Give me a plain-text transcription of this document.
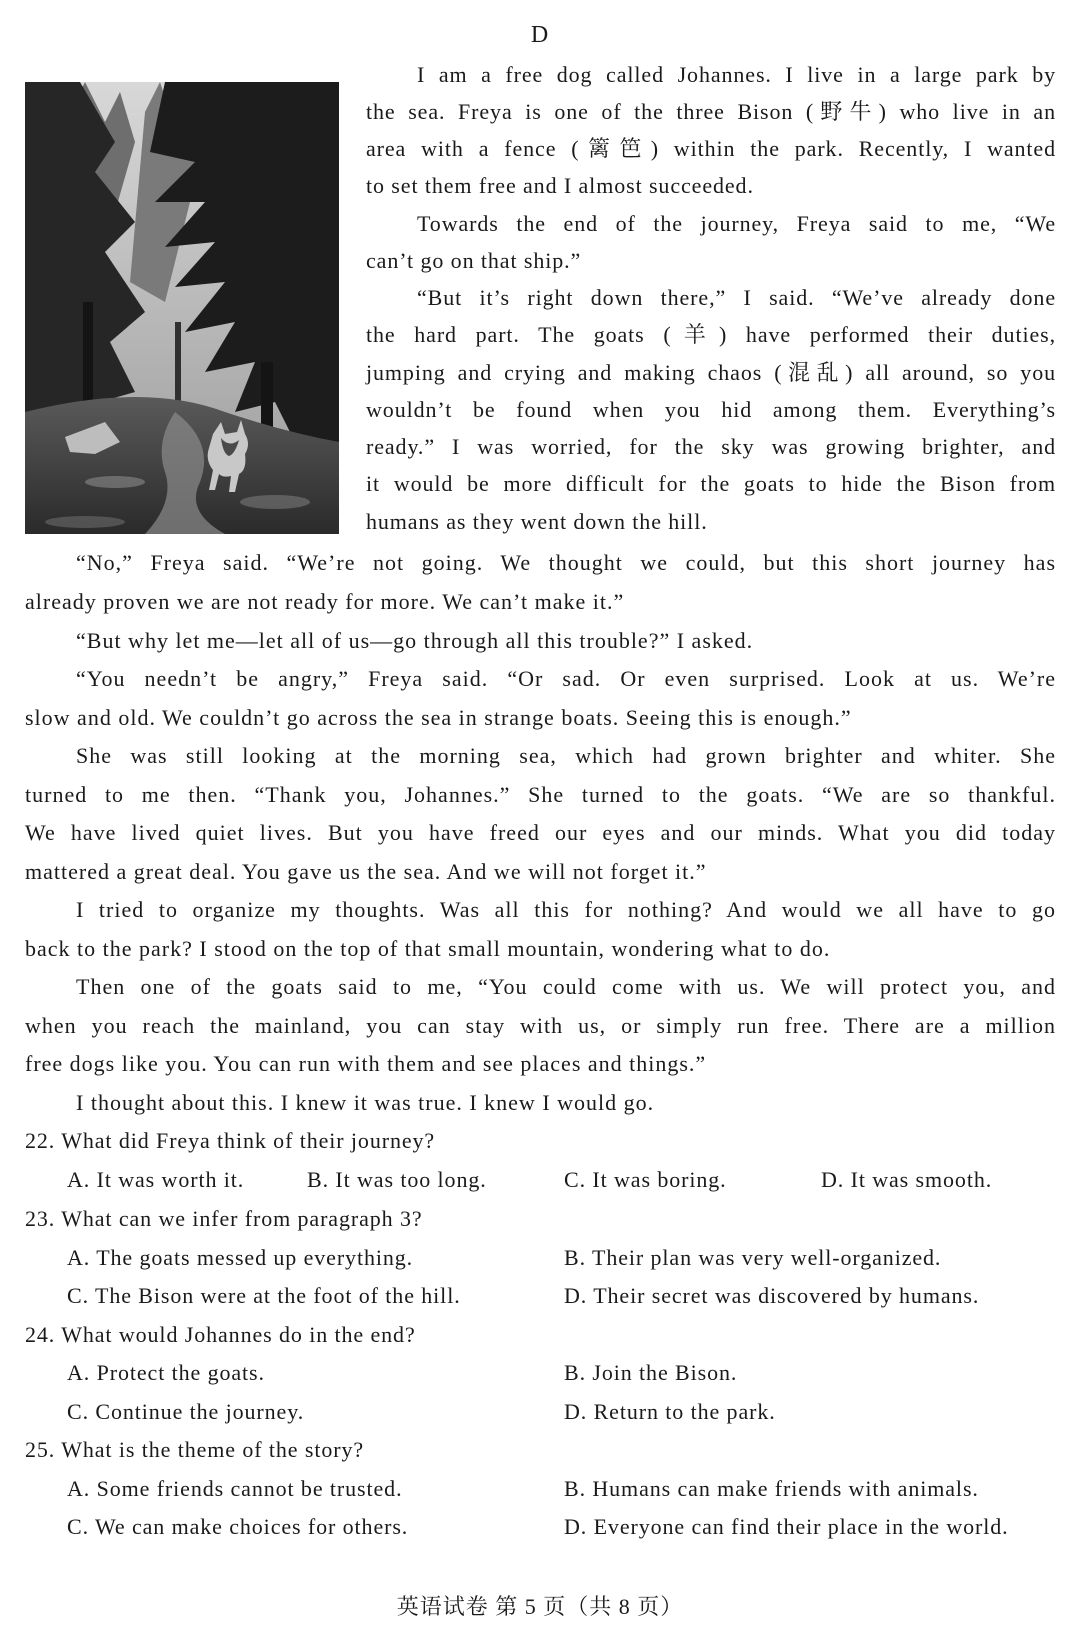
D
I am a free dog called Johannes. I live in a large park by
the sea. Freya is one of the three Bison (野牛) who live in an
area with a fence (篱笆) within the park. Recently, I wanted
to set them free and I almost succeeded.
Towards the end of the journey, Freya said to me, “We
can’t go on that ship.”
“But it’s right down there,” I said. “We’ve already done
the hard part. The goats (羊) have performed their duties,
jumping and crying and making chaos (混乱) all around, so you
wouldn’t be found when you hid among them. Everything’s
ready.” I was worried, for the sky was growing brighter, and
it would be more difficult for the goats to hide the Bison from
humans as they went down the hill.
“No,” Freya said. “We’re not going. We thought we could, but this short journey has
already proven we are not ready for more. We can’t make it.”
“But why let me—let all of us—go through all this trouble?” I asked.
“You needn’t be angry,” Freya said. “Or sad. Or even surprised. Look at us. We’re
slow and old. We couldn’t go across the sea in strange boats. Seeing this is enough.”
She was still looking at the morning sea, which had grown brighter and whiter. She
turned to me then. “Thank you, Johannes.” She turned to the goats. “We are so thankful.
We have lived quiet lives. But you have freed our eyes and our minds. What you did today
mattered a great deal. You gave us the sea. And we will not forget it.”
I tried to organize my thoughts. Was all this for nothing? And would we all have to go
back to the park? I stood on the top of that small mountain, wondering what to do.
Then one of the goats said to me, “You could come with us. We will protect you, and
when you reach the mainland, you can stay with us, or simply run free. There are a million
free dogs like you. You can run with them and see places and things.”
I thought about this. I knew it was true. I knew I would go.
22. What did Freya think of their journey?
A. It was worth it.	B. It was too long.	C. It was boring.	D. It was smooth.
23. What can we infer from paragraph 3?
A. The goats messed up everything.	B. Their plan was very well-organized.
C. The Bison were at the foot of the hill.	D. Their secret was discovered by humans.
24. What would Johannes do in the end?
A. Protect the goats.	B. Join the Bison.
C. Continue the journey.	D. Return to the park.
25. What is the theme of the story?
A. Some friends cannot be trusted.	B. Humans can make friends with animals.
C. We can make choices for others.	D. Everyone can find their place in the world.
英语试卷 第 5 页（共 8 页）
